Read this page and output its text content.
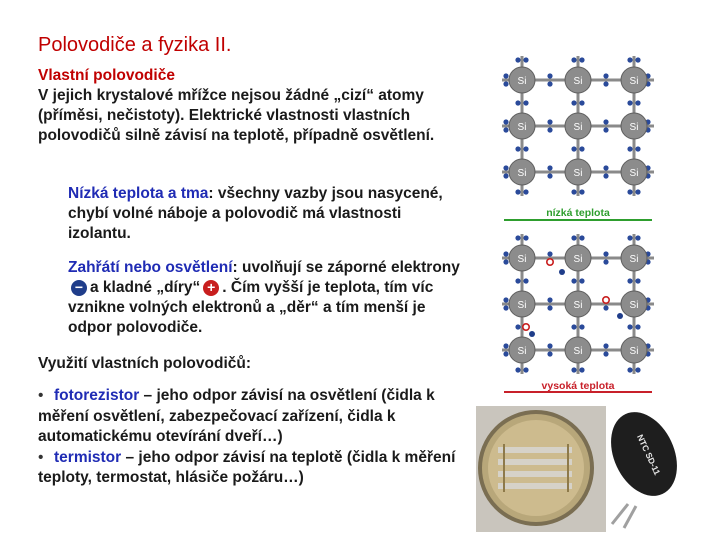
Polovodiče a fyzika II.
Vlastní polovodiče
V jejich krystalové mřížce nejsou žádné „cizí“ atomy (příměsi, nečistoty). Elektrické vlastnosti vlastních polovodičů silně závisí na teplotě, případně osvětlení.
Nízká teplota a tma: všechny vazby jsou nasycené, chybí volné náboje a polovodič má vlastnosti izolantu.
Zahřátí nebo osvětlení: uvolňují se záporné elektrony− a kladné „díry“ + . Čím vyšší je teplota, tím víc vznikne volných elektronů a „děr“ a tím menší je odpor polovodiče.
Využití vlastních polovodičů:
• fotorezistor – jeho odpor závisí na osvětlení (čidla k měření osvětlení, zabezpečovací zařízení, čidla k automatickému otevírání dveří…)
• termistor – jeho odpor závisí na teplotě (čidla k měření teploty, termostat, hlásiče požáru…)
Si	Si	Si
Si	Si	Si
Si	Si	Si
nízká teplota
Si	Si	Si
Si	Si	Si
Si	Si	Si
vysoká teplota
NTC SD-11
